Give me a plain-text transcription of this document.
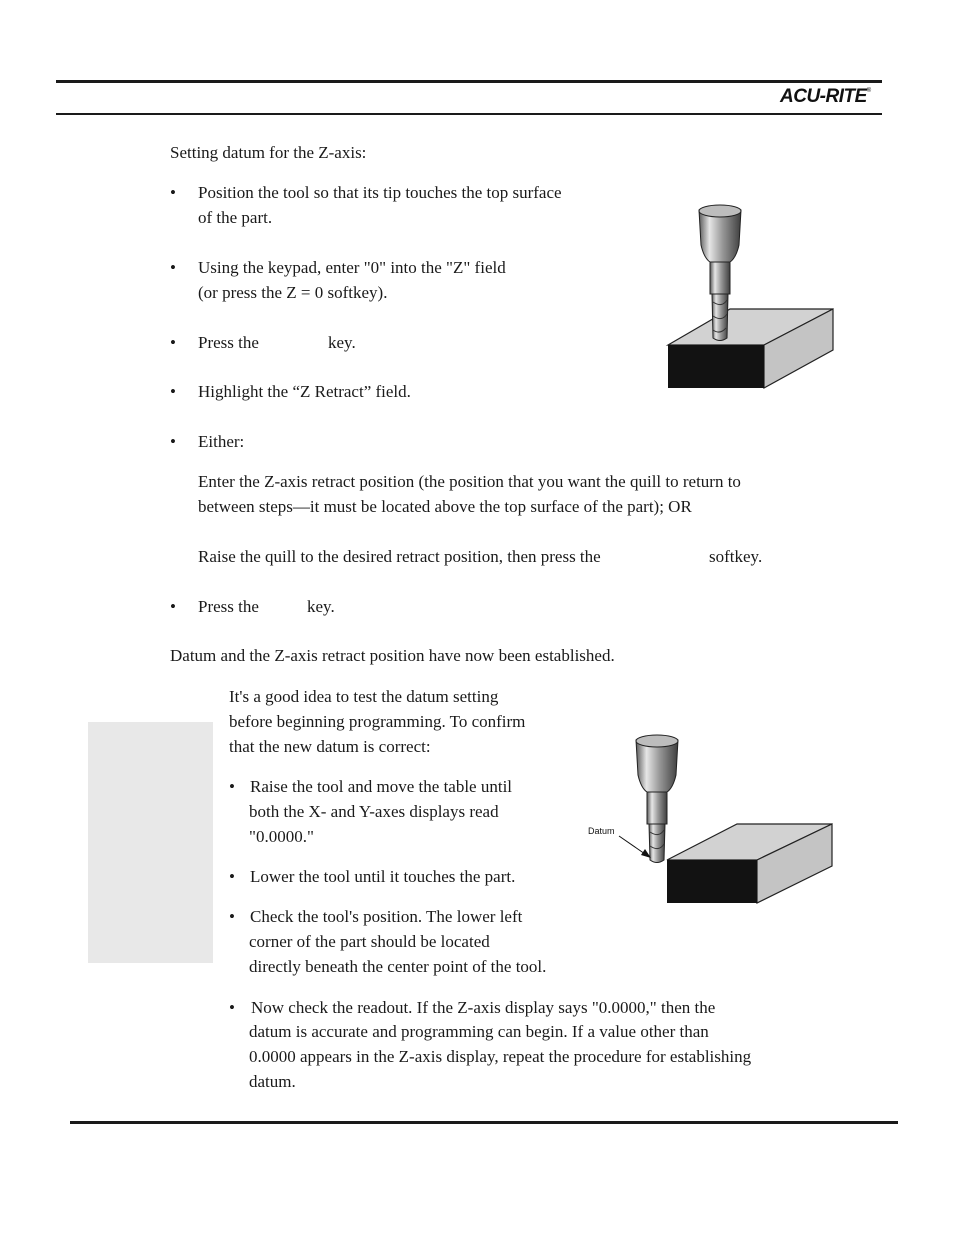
ACU-RITE®

Setting datum for the Z-axis:

• Position the tool so that its tip touches the top surface

of the part.

• Using the keypad, enter "0" into the "Z" field

(or press the Z = 0 softkey).

• Press the	key.

• Highlight the “Z Retract” field.

• Either:

Enter the Z-axis retract position (the position that you want the quill to return to

between steps—it must be located above the top surface of the part); OR

Raise the quill to the desired retract position, then press the	softkey.

• Press the	key.

Datum and the Z-axis retract position have now been established.

It's a good idea to test the datum setting

before beginning programming. To confirm

that the new datum is correct:

• Raise the tool and move the table until

both the X- and Y-axes displays read

"0.0000."

• Lower the tool until it touches the part.

• Check the tool's position. The lower left

corner of the part should be located

directly beneath the center point of the tool.

• Now check the readout. If the Z-axis display says "0.0000," then the

datum is accurate and programming can begin. If a value other than

0.0000 appears in the Z-axis display, repeat the procedure for establishing

datum.

Datum
